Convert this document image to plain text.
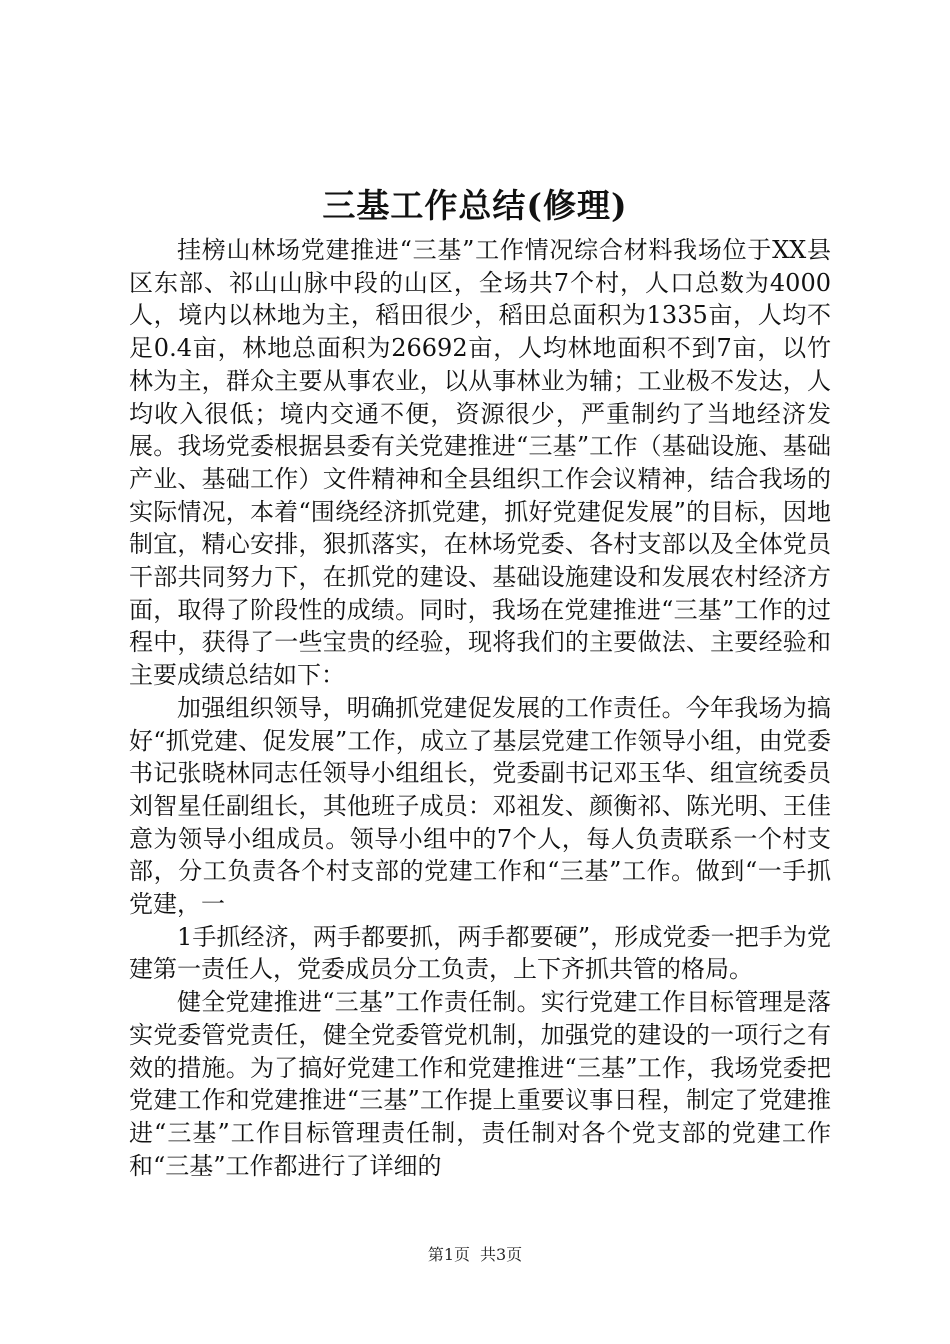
三基工作总结(修理)

挂榜山林场党建推进“三基”工作情况综合材料我场位于XX县区东部、祁山山脉中段的山区，全场共7个村，人口总数为4000人，境内以林地为主，稻田很少，稻田总面积为1335亩，人均不足0.4亩，林地总面积为26692亩，人均林地面积不到7亩，以竹林为主，群众主要从事农业，以从事林业为辅；工业极不发达，人均收入很低；境内交通不便，资源很少，严重制约了当地经济发展。我场党委根据县委有关党建推进“三基”工作（基础设施、基础产业、基础工作）文件精神和全县组织工作会议精神，结合我场的实际情况，本着“围绕经济抓党建，抓好党建促发展”的目标，因地制宜，精心安排，狠抓落实，在林场党委、各村支部以及全体党员干部共同努力下，在抓党的建设、基础设施建设和发展农村经济方面，取得了阶段性的成绩。同时，我场在党建推进“三基”工作的过程中，获得了一些宝贵的经验，现将我们的主要做法、主要经验和主要成绩总结如下：

加强组织领导，明确抓党建促发展的工作责任。今年我场为搞好“抓党建、促发展”工作，成立了基层党建工作领导小组，由党委书记张晓林同志任领导小组组长，党委副书记邓玉华、组宣统委员刘智星任副组长，其他班子成员：邓祖发、颜衡祁、陈光明、王佳意为领导小组成员。领导小组中的7个人，每人负责联系一个村支部，分工负责各个村支部的党建工作和“三基”工作。做到“一手抓党建，一

1手抓经济，两手都要抓，两手都要硬”，形成党委一把手为党建第一责任人，党委成员分工负责，上下齐抓共管的格局。

健全党建推进“三基”工作责任制。实行党建工作目标管理是落实党委管党责任，健全党委管党机制，加强党的建设的一项行之有效的措施。为了搞好党建工作和党建推进“三基”工作，我场党委把党建工作和党建推进“三基”工作提上重要议事日程，制定了党建推进“三基”工作目标管理责任制，责任制对各个党支部的党建工作和“三基”工作都进行了详细的

第1页 共3页
